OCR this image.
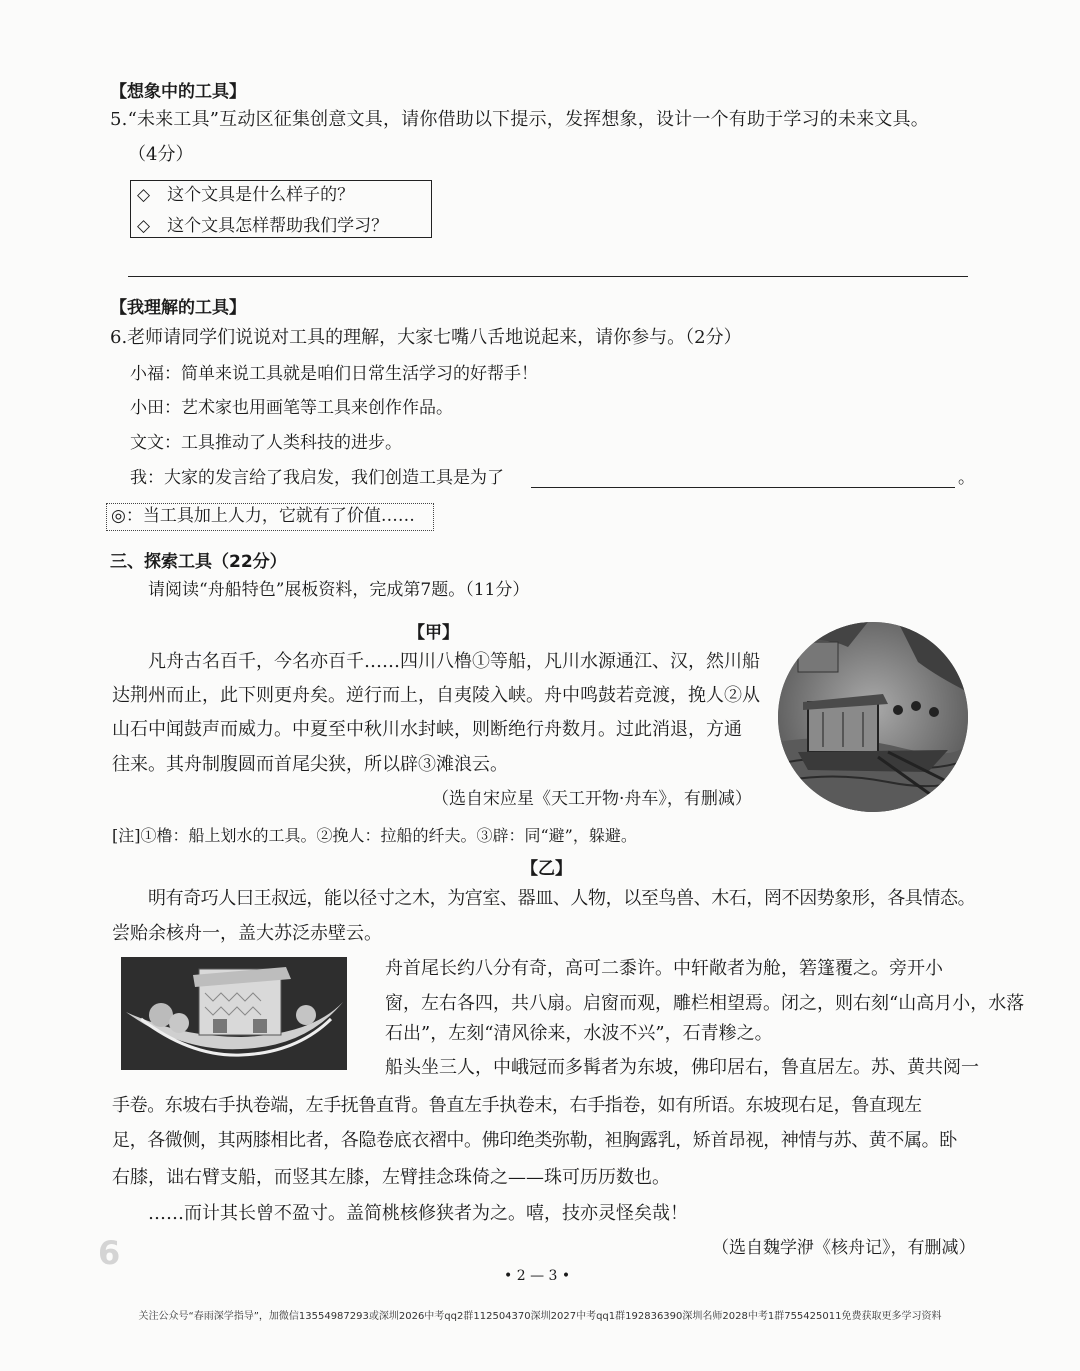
【想象中的工具】
5.“未来工具”互动区征集创意文具，请你借助以下提示，发挥想象，设计一个有助于学习的未来文具。
（4分）
◇　这个文具是什么样子的？
◇　这个文具怎样帮助我们学习？
【我理解的工具】
6.老师请同学们说说对工具的理解，大家七嘴八舌地说起来，请你参与。（2分）
小福：简单来说工具就是咱们日常生活学习的好帮手！
小田：艺术家也用画笔等工具来创作作品。
文文：工具推动了人类科技的进步。
我：大家的发言给了我启发，我们创造工具是为了	。
◎：当工具加上人力，它就有了价值……
三、探索工具（22分）
请阅读“舟船特色”展板资料，完成第7题。（11分）
【甲】
凡舟古名百千，今名亦百千……四川八橹①等船，凡川水源通江、汉，然川船
达荆州而止，此下则更舟矣。逆行而上，自夷陵入峡。舟中鸣鼓若竞渡，挽人②从
山石中闻鼓声而威力。中夏至中秋川水封峡，则断绝行舟数月。过此消退，方通
往来。其舟制腹圆而首尾尖狭，所以辟③滩浪云。
（选自宋应星《天工开物·舟车》，有删减）
[注]①橹：船上划水的工具。②挽人：拉船的纤夫。③辟：同“避”，躲避。
【乙】
明有奇巧人曰王叔远，能以径寸之木，为宫室、器皿、人物，以至鸟兽、木石，罔不因势象形，各具情态。
尝贻余核舟一，盖大苏泛赤壁云。
舟首尾长约八分有奇，高可二黍许。中轩敞者为舱，箬篷覆之。旁开小
窗，左右各四，共八扇。启窗而观，雕栏相望焉。闭之，则右刻“山高月小，水落
石出”，左刻“清风徐来，水波不兴”，石青糁之。
船头坐三人，中峨冠而多髯者为东坡，佛印居右，鲁直居左。苏、黄共阅一
手卷。东坡右手执卷端，左手抚鲁直背。鲁直左手执卷末，右手指卷，如有所语。东坡现右足，鲁直现左
足，各微侧，其两膝相比者，各隐卷底衣褶中。佛印绝类弥勒，袒胸露乳，矫首昂视，神情与苏、黄不属。卧
右膝，诎右臂支船，而竖其左膝，左臂挂念珠倚之——珠可历历数也。
……而计其长曾不盈寸。盖简桃核修狭者为之。嘻，技亦灵怪矣哉！
（选自魏学洢《核舟记》，有删减）
6
• 2 — 3 •
关注公众号“春雨深学指导”，加微信13554987293或深圳2026中考qq2群112504370深圳2027中考qq1群192836390深圳名师2028中考1群755425011免费获取更多学习资料
